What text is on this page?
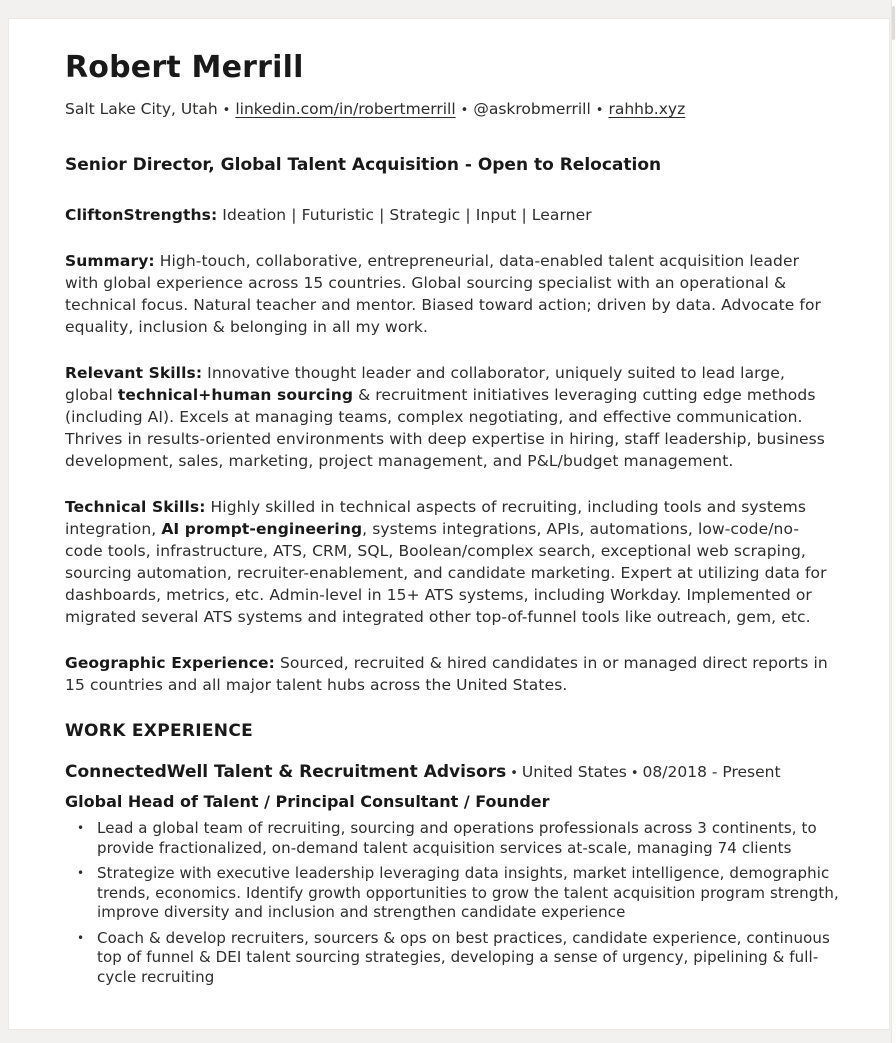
Robert Merrill
Salt Lake City, Utah • linkedin.com/in/robertmerrill • @askrobmerrill • rahhb.xyz
Senior Director, Global Talent Acquisition - Open to Relocation

CliftonStrengths: Ideation | Futuristic | Strategic | Input | Learner

Summary: High-touch, collaborative, entrepreneurial, data-enabled talent acquisition leader with global experience across 15 countries. Global sourcing specialist with an operational & technical focus. Natural teacher and mentor. Biased toward action; driven by data. Advocate for equality, inclusion & belonging in all my work.

Relevant Skills: Innovative thought leader and collaborator, uniquely suited to lead large, global technical+human sourcing & recruitment initiatives leveraging cutting edge methods (including AI). Excels at managing teams, complex negotiating, and effective communication. Thrives in results-oriented environments with deep expertise in hiring, staff leadership, business development, sales, marketing, project management, and P&L/budget management.

Technical Skills: Highly skilled in technical aspects of recruiting, including tools and systems integration, AI prompt-engineering, systems integrations, APIs, automations, low-code/no-code tools, infrastructure, ATS, CRM, SQL, Boolean/complex search, exceptional web scraping, sourcing automation, recruiter-enablement, and candidate marketing. Expert at utilizing data for dashboards, metrics, etc. Admin-level in 15+ ATS systems, including Workday. Implemented or migrated several ATS systems and integrated other top-of-funnel tools like outreach, gem, etc.

Geographic Experience: Sourced, recruited & hired candidates in or managed direct reports in 15 countries and all major talent hubs across the United States.

WORK EXPERIENCE
ConnectedWell Talent & Recruitment Advisors • United States • 08/2018 - Present
Global Head of Talent / Principal Consultant / Founder
• Lead a global team of recruiting, sourcing and operations professionals across 3 continents, to provide fractionalized, on-demand talent acquisition services at-scale, managing 74 clients
• Strategize with executive leadership leveraging data insights, market intelligence, demographic trends, economics. Identify growth opportunities to grow the talent acquisition program strength, improve diversity and inclusion and strengthen candidate experience
• Coach & develop recruiters, sourcers & ops on best practices, candidate experience, continuous top of funnel & DEI talent sourcing strategies, developing a sense of urgency, pipelining & full-cycle recruiting
